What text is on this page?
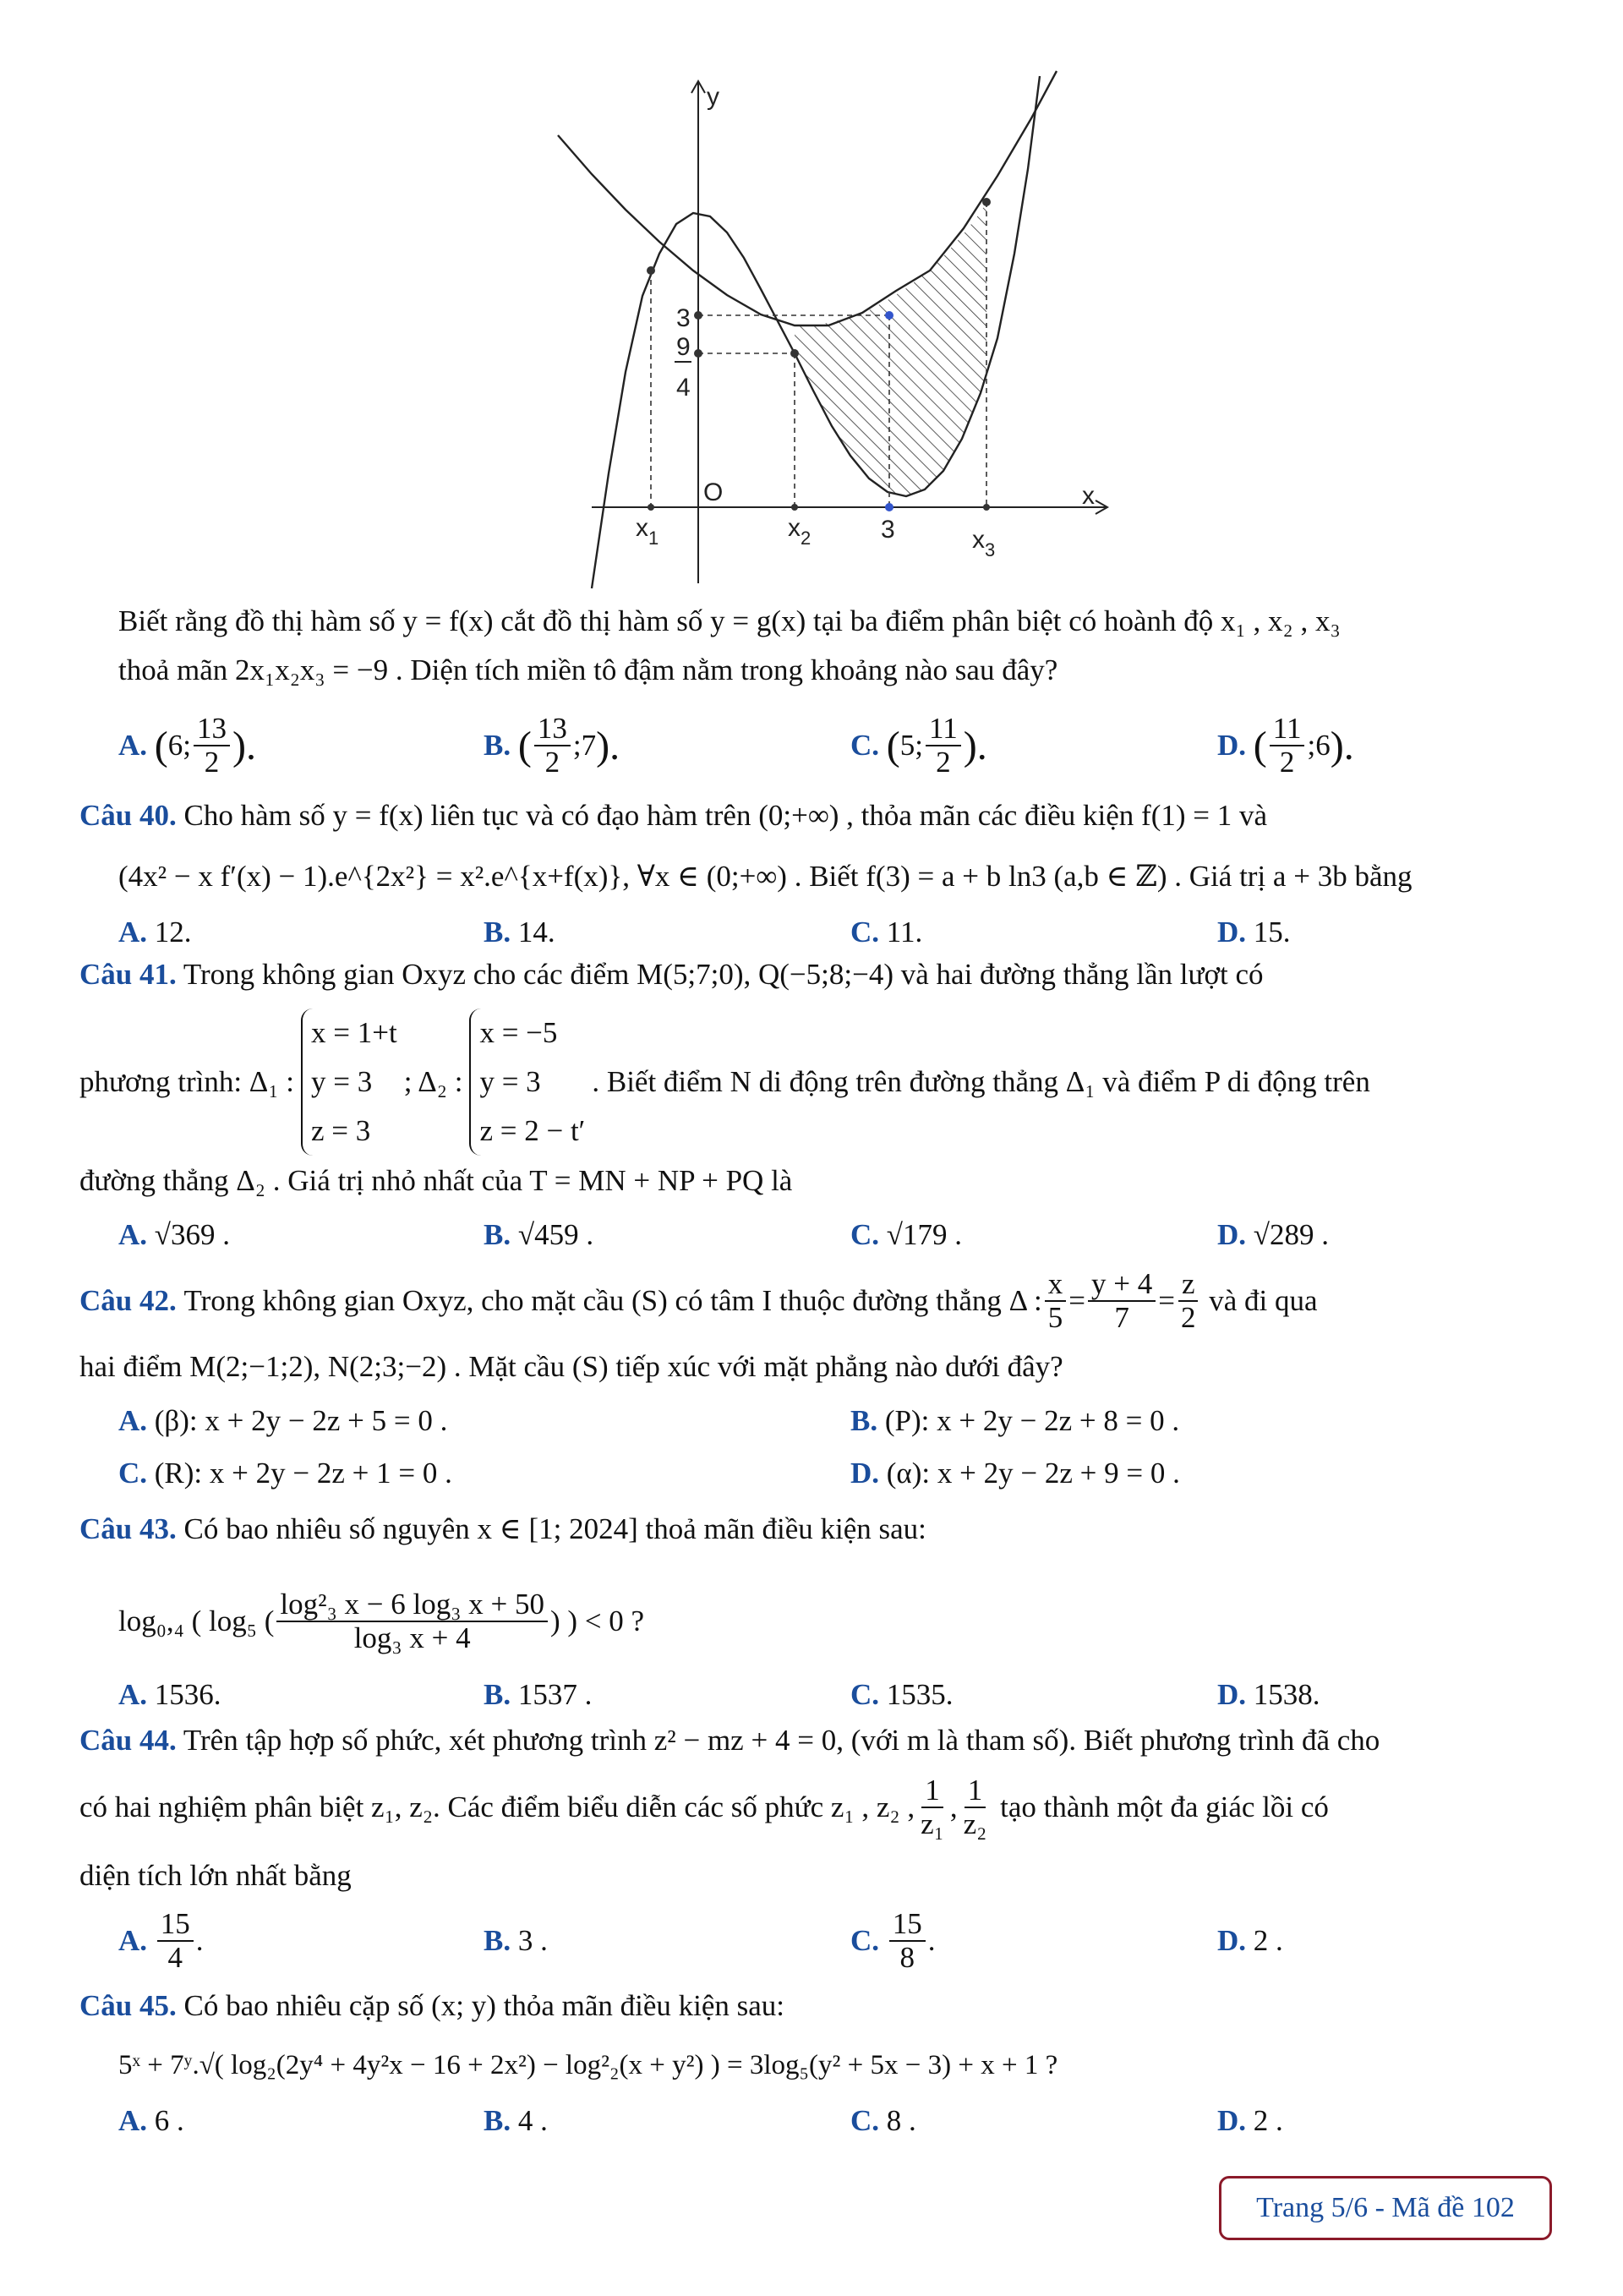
y
x
O
3
9
4
$x_1$	$x_2$	3	$x_3$
Biết rằng đồ thị hàm số y = f(x) cắt đồ thị hàm số y = g(x) tại ba điểm phân biệt có hoành độ x₁ , x₂ , x₃
thoả mãn 2x₁x₂x₃ = −9 . Diện tích miền tô đậm nằm trong khoảng nào sau đây?
A.
( 6; $\frac{13}{2}$ ).	B.
( $\frac{13}{2}$ ;7 ).	C.
( 5; $\frac{11}{2}$ ).	D.
( $\frac{11}{2}$ ;6 ).
Câu 40. Cho hàm số y = f(x) liên tục và có đạo hàm trên (0;+∞) , thỏa mãn các điều kiện f(1) = 1 và
(4x² − x f′(x) − 1).e^{2x²} = x².e^{x+f(x)}, ∀x ∈ (0;+∞) . Biết f(3) = a + b ln3 (a,b ∈ ℤ) . Giá trị a + 3b bằng
A. 12.	B. 14.	C. 11.	D. 15.
Câu 41. Trong không gian Oxyz cho các điểm M(5;7;0), Q(−5;8;−4) và hai đường thẳng lần lượt có
phương trình: Δ₁ :
x = 1+t
y = 3
z = 3
; Δ₂ :
x = −5
y = 3
z = 2 − t′
. Biết điểm N di động trên đường thẳng Δ₁ và điểm P di động trên
đường thẳng Δ₂ . Giá trị nhỏ nhất của T = MN + NP + PQ là
A. √369 .	B. √459 .	C. √179 .	D. √289 .
Câu 42.
Trong không gian Oxyz, cho mặt cầu (S) có tâm I thuộc đường thẳng Δ : $\frac{x}{5} = \frac{y + 4}{7} = \frac{z}{2}$
và đi qua
hai điểm M(2;−1;2), N(2;3;−2) . Mặt cầu (S) tiếp xúc với mặt phẳng nào dưới đây?
A. (β): x + 2y − 2z + 5 = 0 .	B. (P): x + 2y − 2z + 8 = 0 .
C. (R): x + 2y − 2z + 1 = 0 .	D. (α): x + 2y − 2z + 9 = 0 .
Câu 43. Có bao nhiêu số nguyên x ∈ [1; 2024] thoả mãn điều kiện sau:
log₀,₄ ( log₅ ( $\frac{\text{log²₃ x − 6 log₃ x + 50}}{\text{log₃ x + 4}}$ ) ) < 0 ?
A. 1536.	B. 1537 .	C. 1535.	D. 1538.
Câu 44. Trên tập hợp số phức, xét phương trình z² − mz + 4 = 0, (với m là tham số). Biết phương trình đã cho
có hai nghiệm phân biệt z₁, z₂. Các điểm biểu diễn các số phức z₁ , z₂ , $\frac{1}{\text{z₁}}$ , $\frac{1}{\text{z₂}}$
tạo thành một đa giác lồi có
diện tích lớn nhất bằng
A.
$\frac{15}{4}$ .	B.
3 .	C.
$\frac{15}{8}$ .	D.
2 .
Câu 45. Có bao nhiêu cặp số (x; y) thỏa mãn điều kiện sau:
5ˣ + 7ʸ.√( log₂(2y⁴ + 4y²x − 16 + 2x²) − log²₂(x + y²) ) = 3log₅(y² + 5x − 3) + x + 1 ?
A. 6 .	B. 4 .	C. 8 .	D. 2 .
Trang 5/6 - Mã đề 102
